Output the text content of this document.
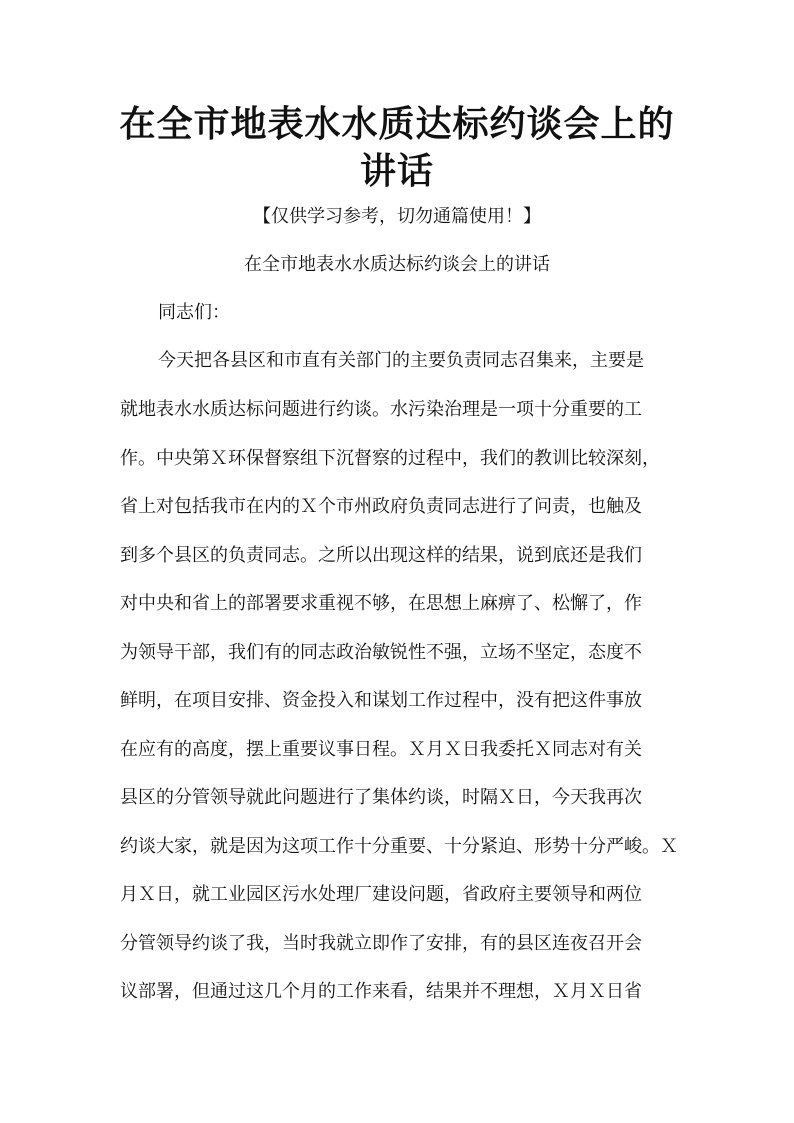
在全市地表水水质达标约谈会上的
讲话
【仅供学习参考，切勿通篇使用！】
在全市地表水水质达标约谈会上的讲话
同志们：
今天把各县区和市直有关部门的主要负责同志召集来，主要是
就地表水水质达标问题进行约谈。水污染治理是一项十分重要的工
作。中央第Ｘ环保督察组下沉督察的过程中，我们的教训比较深刻，
省上对包括我市在内的Ｘ个市州政府负责同志进行了问责，也触及
到多个县区的负责同志。之所以出现这样的结果，说到底还是我们
对中央和省上的部署要求重视不够，在思想上麻痹了、松懈了，作
为领导干部，我们有的同志政治敏锐性不强，立场不坚定，态度不
鲜明，在项目安排、资金投入和谋划工作过程中，没有把这件事放
在应有的高度，摆上重要议事日程。Ｘ月Ｘ日我委托Ｘ同志对有关
县区的分管领导就此问题进行了集体约谈，时隔Ｘ日，今天我再次
约谈大家，就是因为这项工作十分重要、十分紧迫、形势十分严峻。Ｘ
月Ｘ日，就工业园区污水处理厂建设问题，省政府主要领导和两位
分管领导约谈了我，当时我就立即作了安排，有的县区连夜召开会
议部署，但通过这几个月的工作来看，结果并不理想，Ｘ月Ｘ日省
